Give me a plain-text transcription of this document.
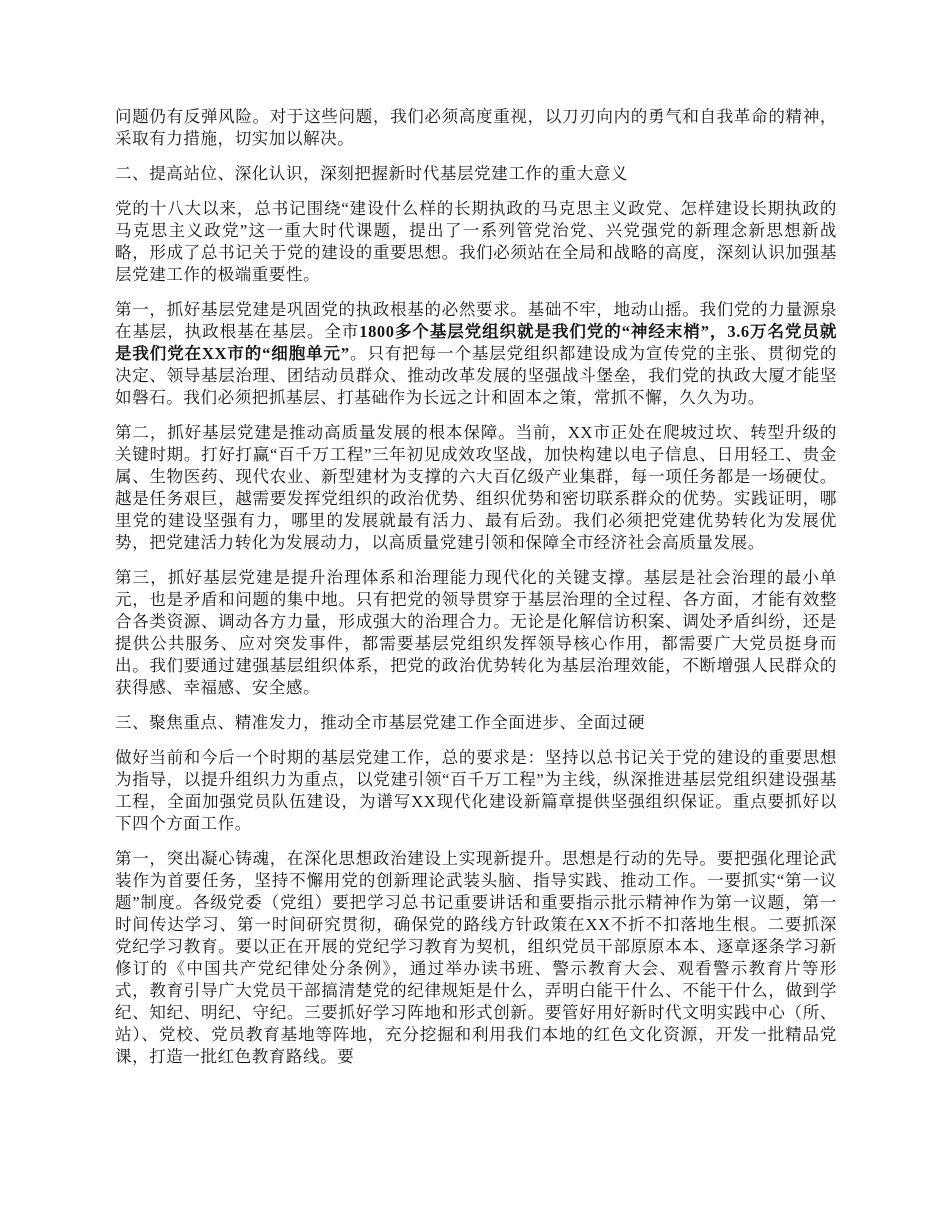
问题仍有反弹风险。对于这些问题，我们必须高度重视，以刀刃向内的勇气和自我革命的精神，采取有力措施，切实加以解决。

二、提高站位、深化认识，深刻把握新时代基层党建工作的重大意义

党的十八大以来，总书记围绕“建设什么样的长期执政的马克思主义政党、怎样建设长期执政的马克思主义政党”这一重大时代课题，提出了一系列管党治党、兴党强党的新理念新思想新战略，形成了总书记关于党的建设的重要思想。我们必须站在全局和战略的高度，深刻认识加强基层党建工作的极端重要性。

第一，抓好基层党建是巩固党的执政根基的必然要求。基础不牢，地动山摇。我们党的力量源泉在基层，执政根基在基层。全市1800多个基层党组织就是我们党的“神经末梢”，3.6万名党员就是我们党在XX市的“细胞单元”。只有把每一个基层党组织都建设成为宣传党的主张、贯彻党的决定、领导基层治理、团结动员群众、推动改革发展的坚强战斗堡垒，我们党的执政大厦才能坚如磐石。我们必须把抓基层、打基础作为长远之计和固本之策，常抓不懈，久久为功。

第二，抓好基层党建是推动高质量发展的根本保障。当前，XX市正处在爬坡过坎、转型升级的关键时期。打好打赢“百千万工程”三年初见成效攻坚战，加快构建以电子信息、日用轻工、贵金属、生物医药、现代农业、新型建材为支撑的六大百亿级产业集群，每一项任务都是一场硬仗。越是任务艰巨，越需要发挥党组织的政治优势、组织优势和密切联系群众的优势。实践证明，哪里党的建设坚强有力，哪里的发展就最有活力、最有后劲。我们必须把党建优势转化为发展优势，把党建活力转化为发展动力，以高质量党建引领和保障全市经济社会高质量发展。

第三，抓好基层党建是提升治理体系和治理能力现代化的关键支撑。基层是社会治理的最小单元，也是矛盾和问题的集中地。只有把党的领导贯穿于基层治理的全过程、各方面，才能有效整合各类资源、调动各方力量，形成强大的治理合力。无论是化解信访积案、调处矛盾纠纷，还是提供公共服务、应对突发事件，都需要基层党组织发挥领导核心作用，都需要广大党员挺身而出。我们要通过建强基层组织体系，把党的政治优势转化为基层治理效能，不断增强人民群众的获得感、幸福感、安全感。

三、聚焦重点、精准发力，推动全市基层党建工作全面进步、全面过硬

做好当前和今后一个时期的基层党建工作，总的要求是：坚持以总书记关于党的建设的重要思想为指导，以提升组织力为重点，以党建引领“百千万工程”为主线，纵深推进基层党组织建设强基工程，全面加强党员队伍建设，为谱写XX现代化建设新篇章提供坚强组织保证。重点要抓好以下四个方面工作。

第一，突出凝心铸魂，在深化思想政治建设上实现新提升。思想是行动的先导。要把强化理论武装作为首要任务，坚持不懈用党的创新理论武装头脑、指导实践、推动工作。一要抓实“第一议题”制度。各级党委（党组）要把学习总书记重要讲话和重要指示批示精神作为第一议题，第一时间传达学习、第一时间研究贯彻，确保党的路线方针政策在XX不折不扣落地生根。二要抓深党纪学习教育。要以正在开展的党纪学习教育为契机，组织党员干部原原本本、逐章逐条学习新修订的《中国共产党纪律处分条例》，通过举办读书班、警示教育大会、观看警示教育片等形式，教育引导广大党员干部搞清楚党的纪律规矩是什么，弄明白能干什么、不能干什么，做到学纪、知纪、明纪、守纪。三要抓好学习阵地和形式创新。要管好用好新时代文明实践中心（所、站）、党校、党员教育基地等阵地，充分挖掘和利用我们本地的红色文化资源，开发一批精品党课，打造一批红色教育路线。要
